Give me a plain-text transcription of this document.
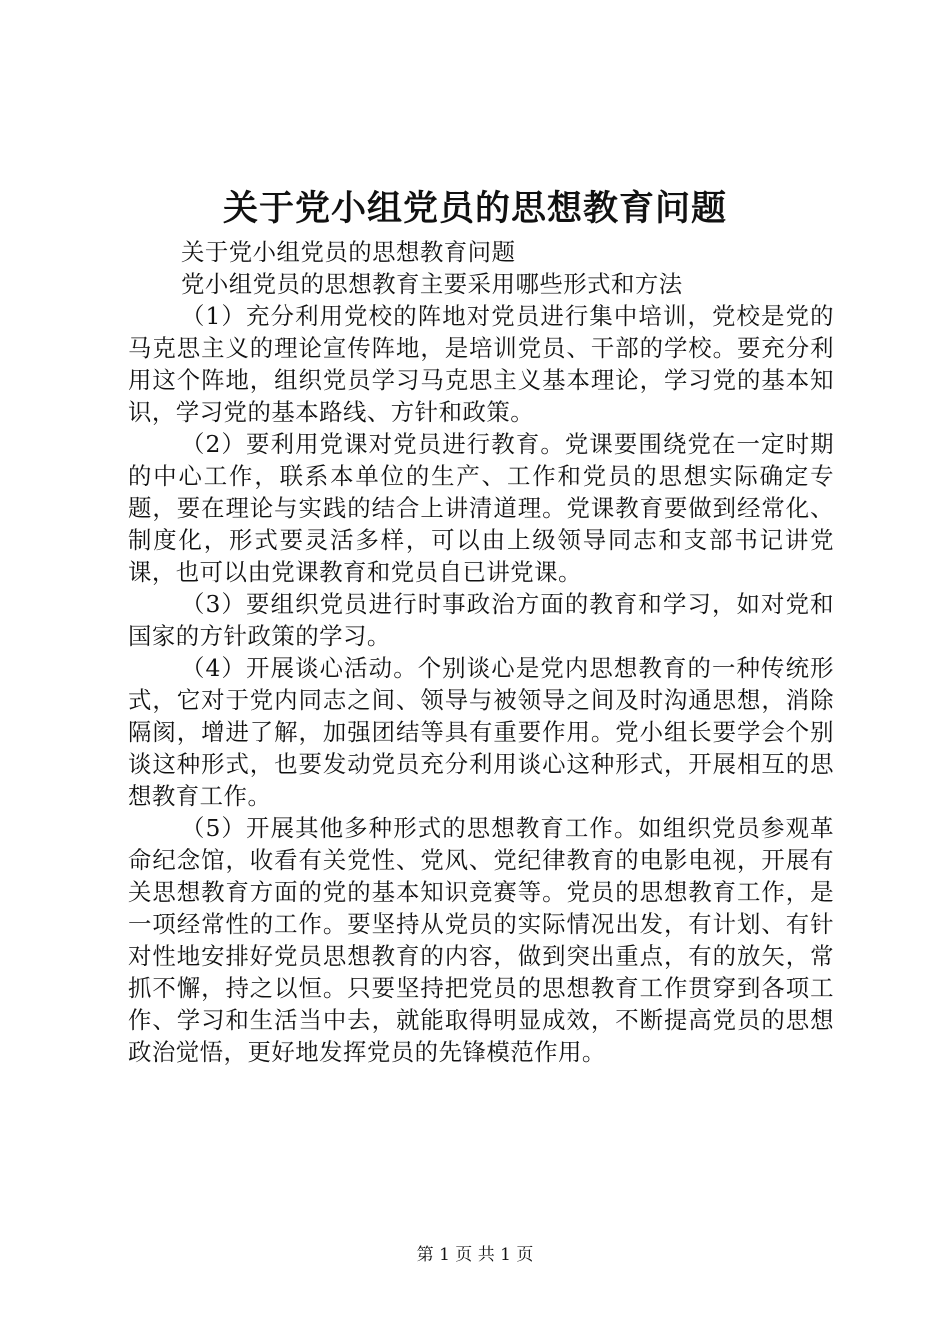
关于党小组党员的思想教育问题

关于党小组党员的思想教育问题

党小组党员的思想教育主要采用哪些形式和方法

（1）充分利用党校的阵地对党员进行集中培训，党校是党的马克思主义的理论宣传阵地，是培训党员、干部的学校。要充分利用这个阵地，组织党员学习马克思主义基本理论，学习党的基本知识，学习党的基本路线、方针和政策。

（2）要利用党课对党员进行教育。党课要围绕党在一定时期的中心工作，联系本单位的生产、工作和党员的思想实际确定专题，要在理论与实践的结合上讲清道理。党课教育要做到经常化、制度化，形式要灵活多样，可以由上级领导同志和支部书记讲党课，也可以由党课教育和党员自已讲党课。

（3）要组织党员进行时事政治方面的教育和学习，如对党和国家的方针政策的学习。

（4）开展谈心活动。个别谈心是党内思想教育的一种传统形式，它对于党内同志之间、领导与被领导之间及时沟通思想，消除隔阂，增进了解，加强团结等具有重要作用。党小组长要学会个别谈这种形式，也要发动党员充分利用谈心这种形式，开展相互的思想教育工作。

（5）开展其他多种形式的思想教育工作。如组织党员参观革命纪念馆，收看有关党性、党风、党纪律教育的电影电视，开展有关思想教育方面的党的基本知识竞赛等。党员的思想教育工作，是一项经常性的工作。要坚持从党员的实际情况出发，有计划、有针对性地安排好党员思想教育的内容，做到突出重点，有的放矢，常抓不懈，持之以恒。只要坚持把党员的思想教育工作贯穿到各项工作、学习和生活当中去，就能取得明显成效，不断提高党员的思想政治觉悟，更好地发挥党员的先锋模范作用。

第 1 页 共 1 页
